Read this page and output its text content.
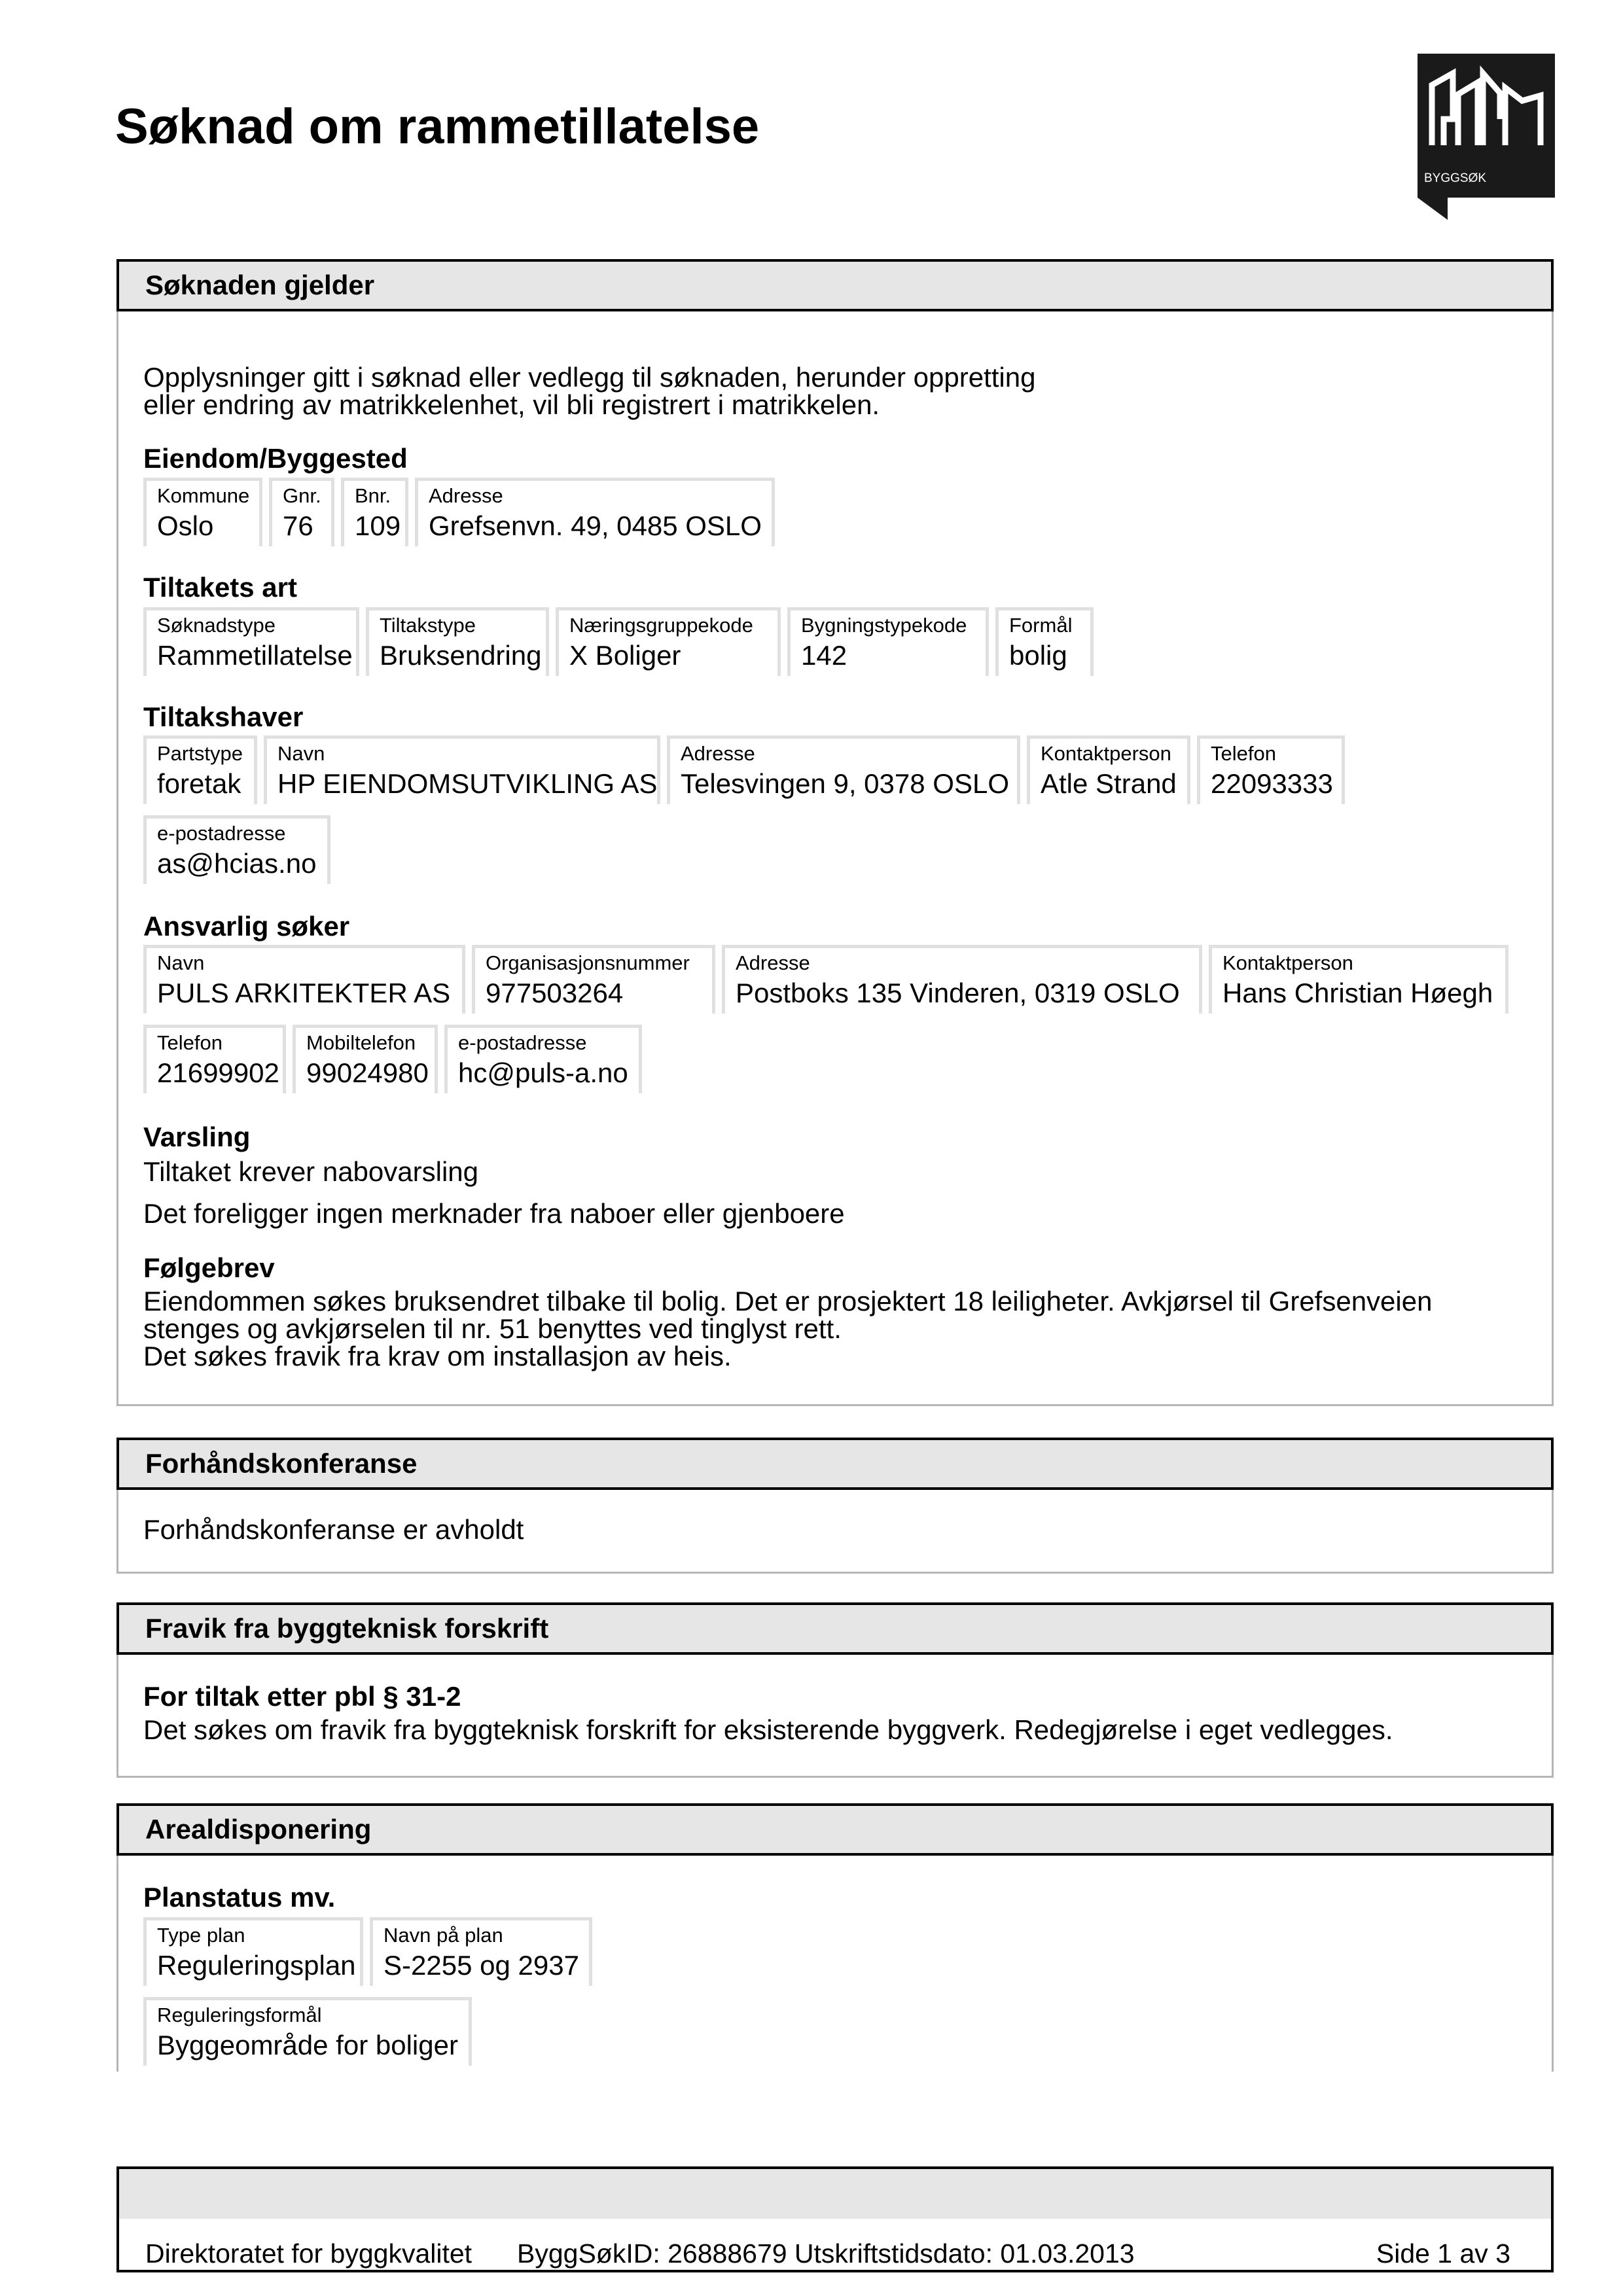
Søknad om rammetillatelse
BYGGSØK
Søknaden gjelder

Opplysninger gitt i søknad eller vedlegg til søknaden, herunder oppretting

eller endring av matrikkelenhet, vil bli registrert i matrikkelen.

Eiendom/Byggested

Kommune
Oslo
Gnr.
76
Bnr.
109
Adresse
Grefsenvn. 49, 0485 OSLO

Tiltakets art

Søknadstype
Rammetillatelse
Tiltakstype
Bruksendring
Næringsgruppekode
X Boliger
Bygningstypekode
142
Formål
bolig

Tiltakshaver

Partstype
foretak
Navn
HP EIENDOMSUTVIKLING AS
Adresse
Telesvingen 9, 0378 OSLO
Kontaktperson
Atle Strand
Telefon
22093333
e-postadresse
as@hcias.no

Ansvarlig søker

Navn
PULS ARKITEKTER AS
Organisasjonsnummer
977503264
Adresse
Postboks 135 Vinderen, 0319 OSLO
Kontaktperson
Hans Christian Høegh
Telefon
21699902
Mobiltelefon
99024980
e-postadresse
hc@puls-a.no

Varsling

Tiltaket krever nabovarsling

Det foreligger ingen merknader fra naboer eller gjenboere

Følgebrev

Eiendommen søkes bruksendret tilbake til bolig. Det er prosjektert 18 leiligheter. Avkjørsel til Grefsenveien

stenges og avkjørselen til nr. 51 benyttes ved tinglyst rett.

Det søkes fravik fra krav om installasjon av heis.

Forhåndskonferanse

Forhåndskonferanse er avholdt

Fravik fra byggteknisk forskrift

For tiltak etter pbl § 31-2

Det søkes om fravik fra byggteknisk forskrift for eksisterende byggverk. Redegjørelse i eget vedlegges.

Arealdisponering

Planstatus mv.

Type plan
Reguleringsplan
Navn på plan
S-2255 og 2937
Reguleringsformål
Byggeområde for boliger
Direktoratet for byggkvalitet ByggSøkID: 26888679 Utskriftstidsdato: 01.03.2013	Side 1 av 3
